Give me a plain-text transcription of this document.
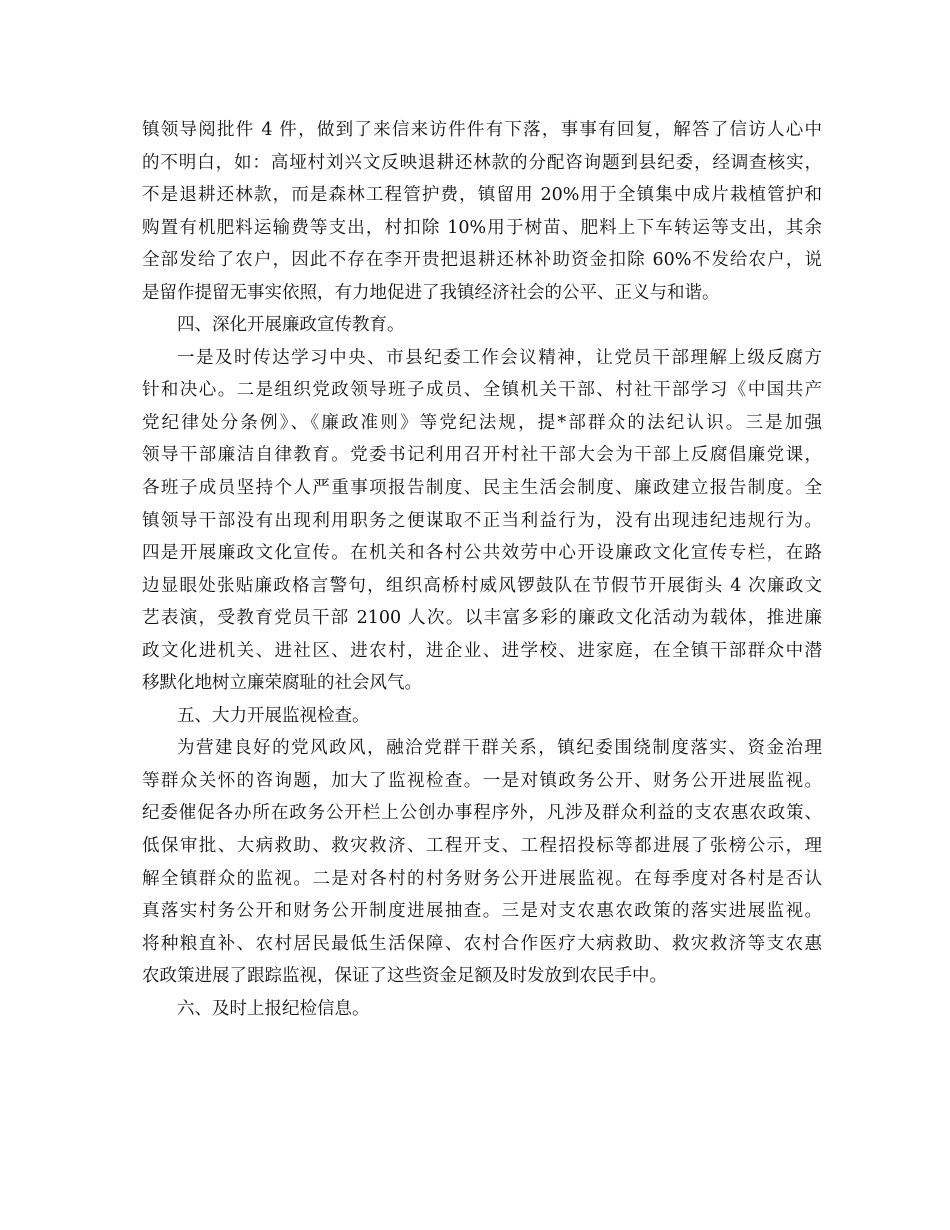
镇领导阅批件 4 件，做到了来信来访件件有下落，事事有回复，解答了信访人心中
的不明白，如：高垭村刘兴文反映退耕还林款的分配咨询题到县纪委，经调查核实，
不是退耕还林款，而是森林工程管护费，镇留用 20%用于全镇集中成片栽植管护和
购置有机肥料运输费等支出，村扣除 10%用于树苗、肥料上下车转运等支出，其余
全部发给了农户，因此不存在李开贵把退耕还林补助资金扣除 60%不发给农户，说
是留作提留无事实依照，有力地促进了我镇经济社会的公平、正义与和谐。
四、深化开展廉政宣传教育。
一是及时传达学习中央、市县纪委工作会议精神，让党员干部理解上级反腐方
针和决心。二是组织党政领导班子成员、全镇机关干部、村社干部学习《中国共产
党纪律处分条例》、《廉政准则》等党纪法规，提*部群众的法纪认识。三是加强
领导干部廉洁自律教育。党委书记利用召开村社干部大会为干部上反腐倡廉党课，
各班子成员坚持个人严重事项报告制度、民主生活会制度、廉政建立报告制度。全
镇领导干部没有出现利用职务之便谋取不正当利益行为，没有出现违纪违规行为。
四是开展廉政文化宣传。在机关和各村公共效劳中心开设廉政文化宣传专栏，在路
边显眼处张贴廉政格言警句，组织高桥村威风锣鼓队在节假节开展街头 4 次廉政文
艺表演，受教育党员干部 2100 人次。以丰富多彩的廉政文化活动为载体，推进廉
政文化进机关、进社区、进农村，进企业、进学校、进家庭，在全镇干部群众中潜
移默化地树立廉荣腐耻的社会风气。
五、大力开展监视检查。
为营建良好的党风政风，融洽党群干群关系，镇纪委围绕制度落实、资金治理
等群众关怀的咨询题，加大了监视检查。一是对镇政务公开、财务公开进展监视。
纪委催促各办所在政务公开栏上公创办事程序外，凡涉及群众利益的支农惠农政策、
低保审批、大病救助、救灾救济、工程开支、工程招投标等都进展了张榜公示，理
解全镇群众的监视。二是对各村的村务财务公开进展监视。在每季度对各村是否认
真落实村务公开和财务公开制度进展抽查。三是对支农惠农政策的落实进展监视。
将种粮直补、农村居民最低生活保障、农村合作医疗大病救助、救灾救济等支农惠
农政策进展了跟踪监视，保证了这些资金足额及时发放到农民手中。
六、及时上报纪检信息。
